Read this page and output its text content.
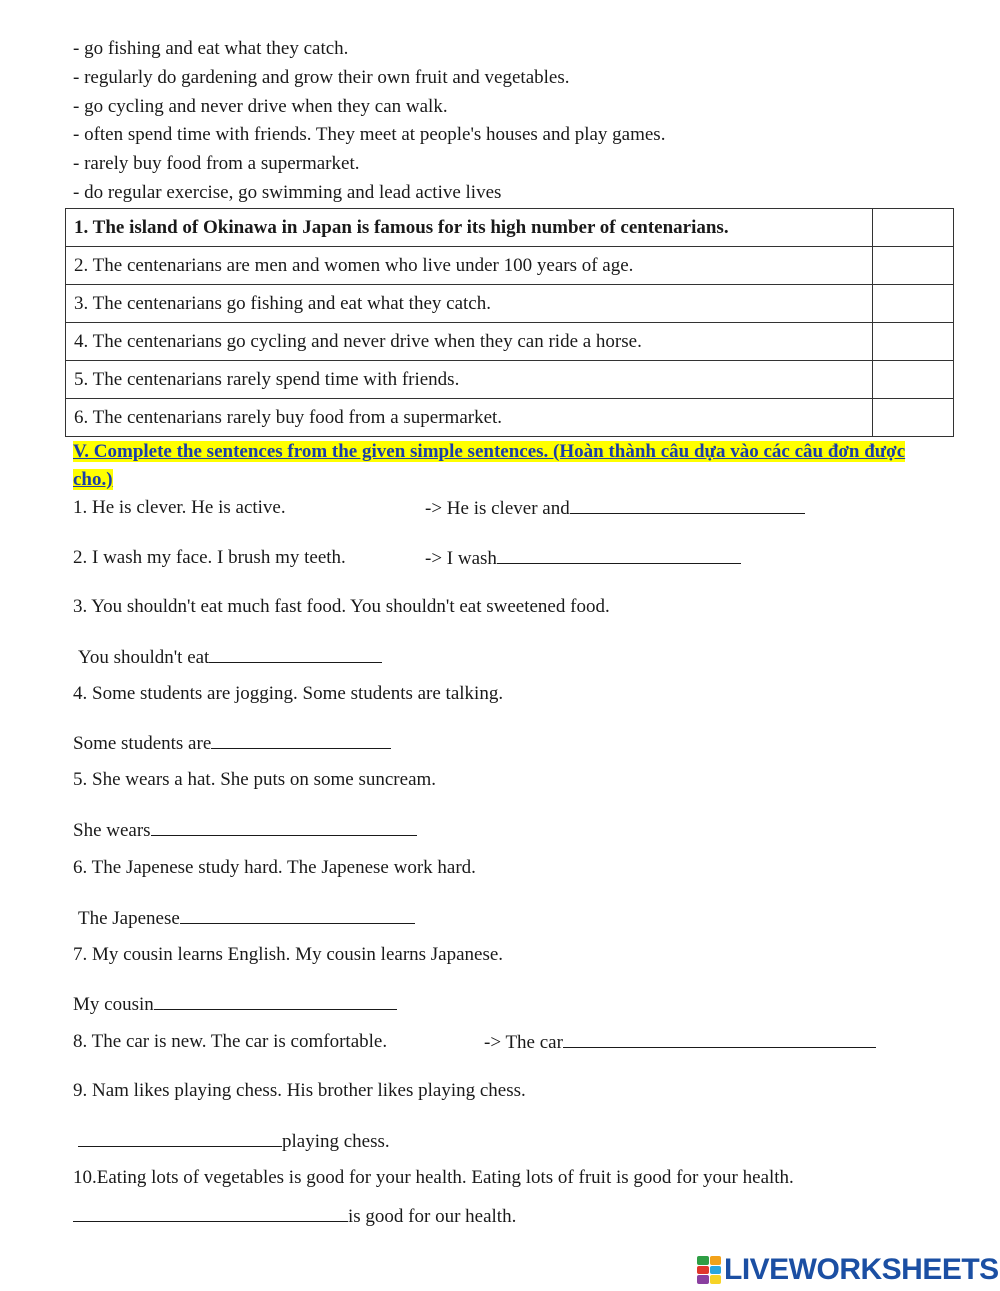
- go fishing and eat what they catch.
- regularly do gardening and grow their own fruit and vegetables.
- go cycling and never drive when they can walk.
- often spend time with friends. They meet at people's houses and play games.
- rarely buy food from a supermarket.
- do regular exercise, go swimming and lead active lives
1. The island of Okinawa in Japan is famous for its high number of centenarians.	
2. The centenarians are men and women who live under 100 years of age.	
3. The centenarians go fishing and eat what they catch.	
4. The centenarians go cycling and never drive when they can ride a horse.	
5. The centenarians rarely spend time with friends.	
6. The centenarians rarely buy food from a supermarket.	
V. Complete the sentences from the given simple sentences. (Hoàn thành câu dựa vào các câu đơn được cho.)
1. He is clever. He is active.	-> He is clever and
2. I wash my face. I brush my teeth.	-> I wash
3. You shouldn't eat much fast food. You shouldn't eat sweetened food.
You shouldn't eat
4. Some students are jogging. Some students are talking.
Some students are
5. She wears a hat. She puts on some suncream.
She wears
6. The Japenese study hard. The Japenese work hard.
The Japenese
7. My cousin learns English. My cousin learns Japanese.
My cousin
8. The car is new. The car is comfortable.	-> The car
9. Nam likes playing chess. His brother likes playing chess.
playing chess.
10.Eating lots of vegetables is good for your health. Eating lots of fruit is good for your health.
is good for our health.
LIVEWORKSHEETS
